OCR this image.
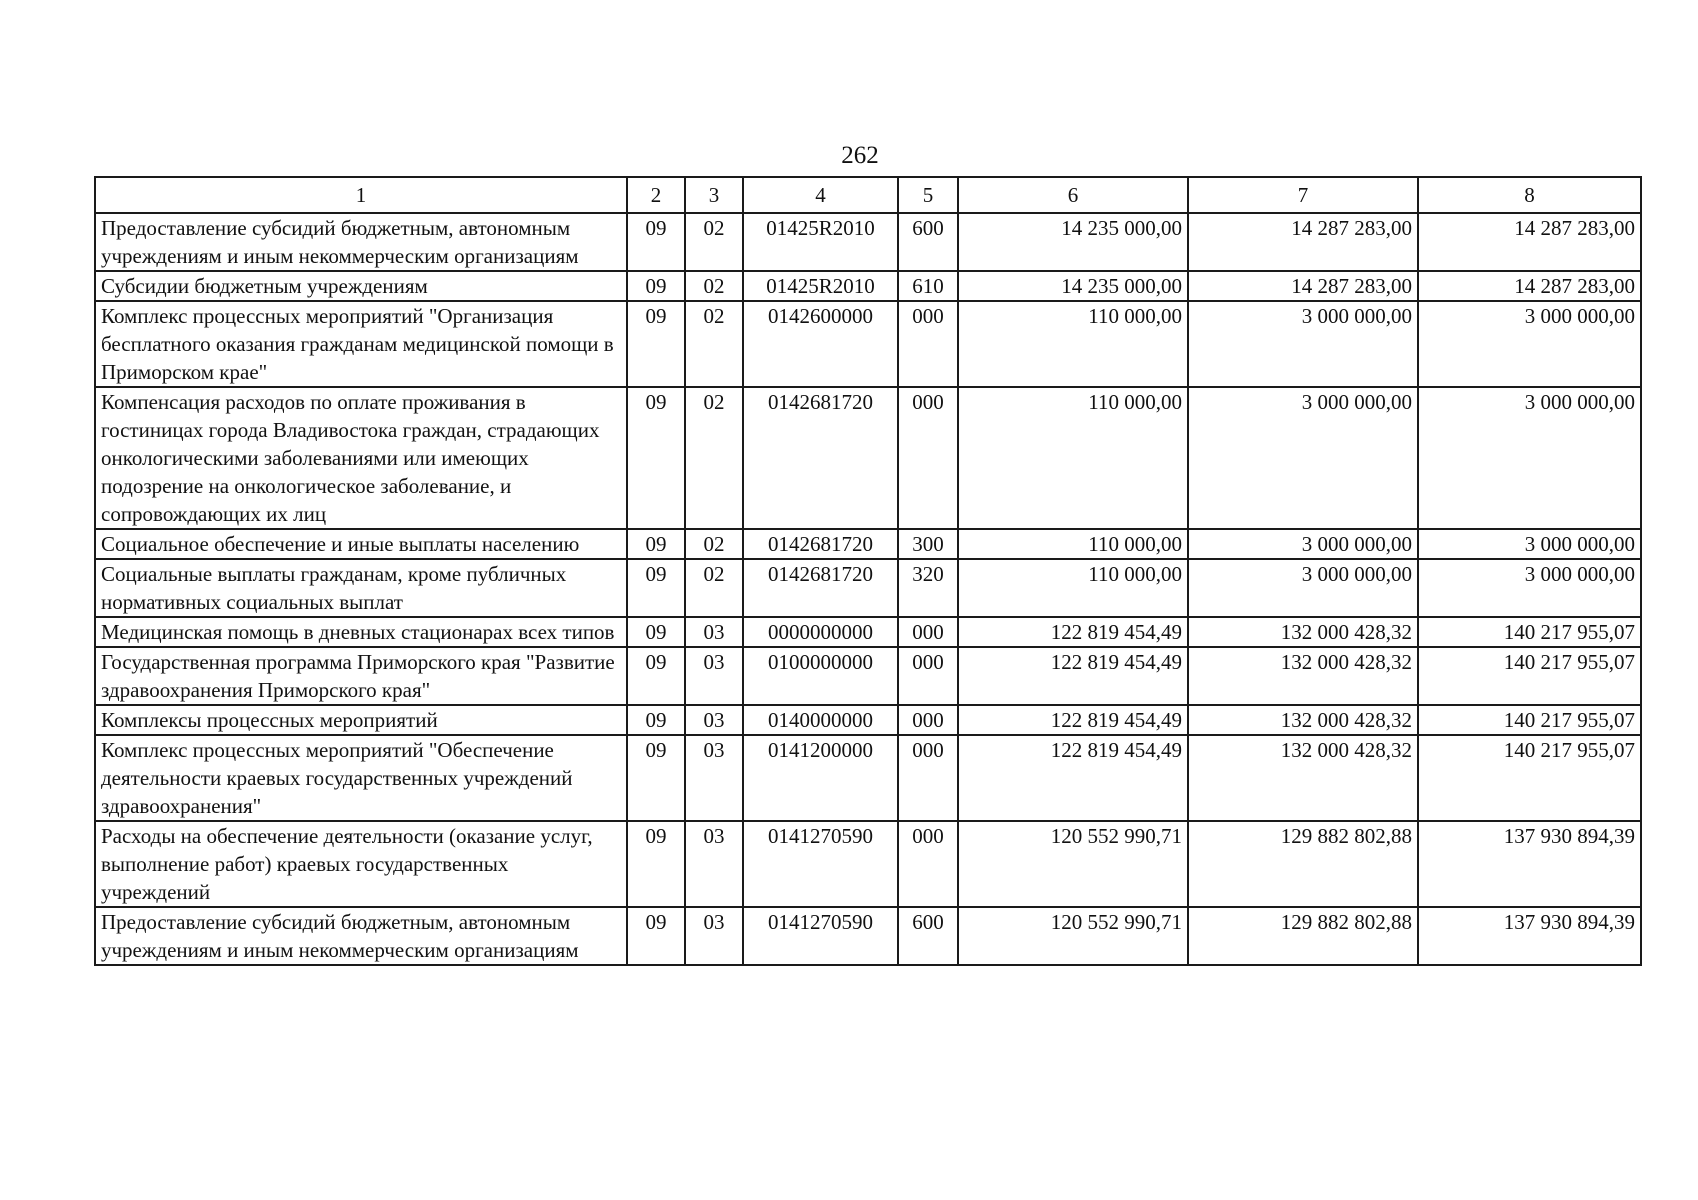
262
1	2	3	4	5	6	7	8
Предоставление субсидий бюджетным, автономным учреждениям и иным некоммерческим организациям	09	02	01425R2010	600	14 235 000,00	14 287 283,00	14 287 283,00
Субсидии бюджетным учреждениям	09	02	01425R2010	610	14 235 000,00	14 287 283,00	14 287 283,00
Комплекс процессных мероприятий "Организация бесплатного оказания гражданам медицинской помощи в Приморском крае"	09	02	0142600000	000	110 000,00	3 000 000,00	3 000 000,00
Компенсация расходов по оплате проживания в гостиницах города Владивостока граждан, страдающих онкологическими заболеваниями или имеющих подозрение на онкологическое заболевание, и сопровождающих их лиц	09	02	0142681720	000	110 000,00	3 000 000,00	3 000 000,00
Социальное обеспечение и иные выплаты населению	09	02	0142681720	300	110 000,00	3 000 000,00	3 000 000,00
Социальные выплаты гражданам, кроме публичных нормативных социальных выплат	09	02	0142681720	320	110 000,00	3 000 000,00	3 000 000,00
Медицинская помощь в дневных стационарах всех типов	09	03	0000000000	000	122 819 454,49	132 000 428,32	140 217 955,07
Государственная программа Приморского края "Развитие здравоохранения Приморского края"	09	03	0100000000	000	122 819 454,49	132 000 428,32	140 217 955,07
Комплексы процессных мероприятий	09	03	0140000000	000	122 819 454,49	132 000 428,32	140 217 955,07
Комплекс процессных мероприятий "Обеспечение деятельности краевых государственных учреждений здравоохранения"	09	03	0141200000	000	122 819 454,49	132 000 428,32	140 217 955,07
Расходы на обеспечение деятельности (оказание услуг, выполнение работ) краевых государственных учреждений	09	03	0141270590	000	120 552 990,71	129 882 802,88	137 930 894,39
Предоставление субсидий бюджетным, автономным учреждениям и иным некоммерческим организациям	09	03	0141270590	600	120 552 990,71	129 882 802,88	137 930 894,39
